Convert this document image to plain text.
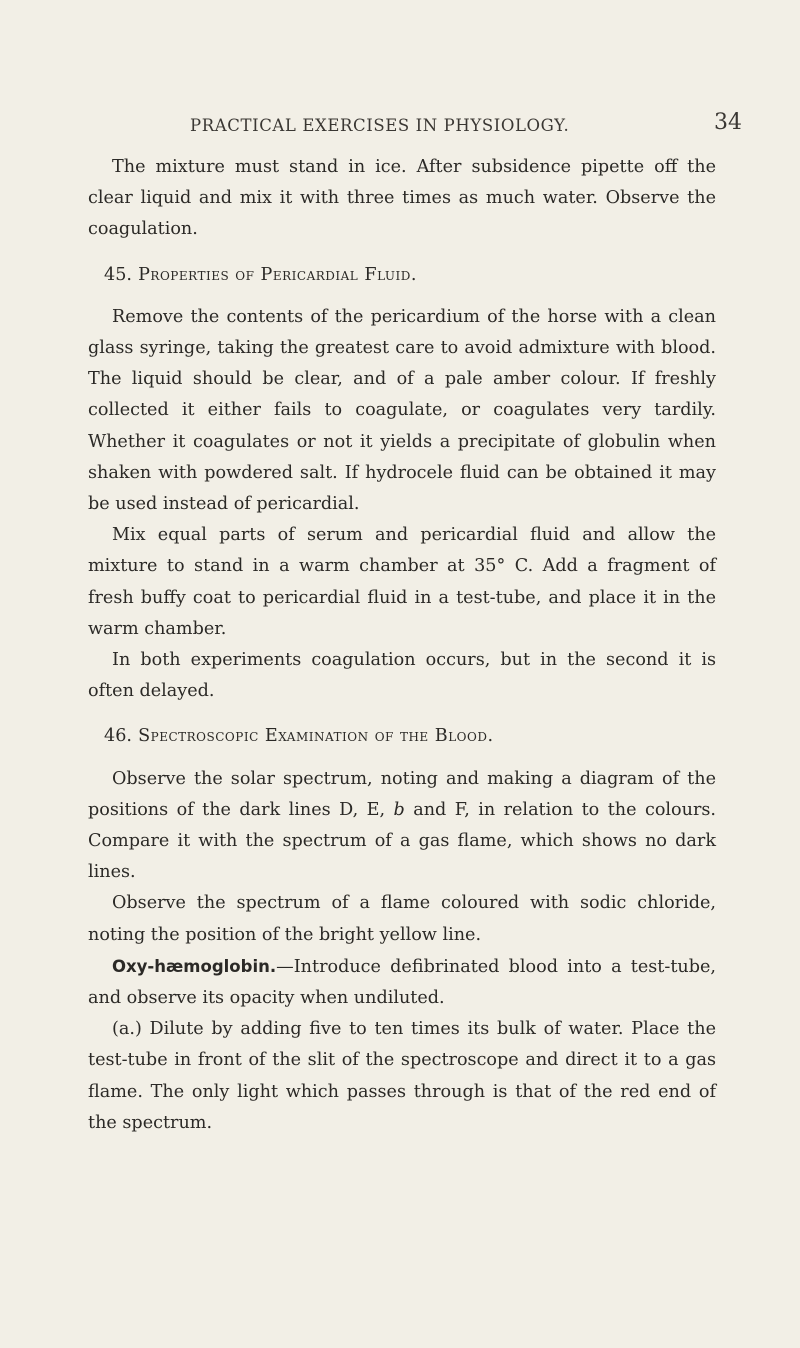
PRACTICAL EXERCISES IN PHYSIOLOGY.	34

The mixture must stand in ice. After subsidence pipette off the clear liquid and mix it with three times as much water. Observe the coagulation.

45. Properties of Pericardial Fluid.

Remove the contents of the pericardium of the horse with a clean glass syringe, taking the greatest care to avoid admixture with blood. The liquid should be clear, and of a pale amber colour. If freshly collected it either fails to coagulate, or coagulates very tardily. Whether it coagulates or not it yields a precipitate of globulin when shaken with powdered salt. If hydrocele fluid can be obtained it may be used instead of pericardial.

Mix equal parts of serum and pericardial fluid and allow the mixture to stand in a warm chamber at 35° C. Add a fragment of fresh buffy coat to pericardial fluid in a test-tube, and place it in the warm chamber.

In both experiments coagulation occurs, but in the second it is often delayed.

46. Spectroscopic Examination of the Blood.

Observe the solar spectrum, noting and making a diagram of the positions of the dark lines D, E, b and F, in relation to the colours. Compare it with the spectrum of a gas flame, which shows no dark lines.

Observe the spectrum of a flame coloured with sodic chloride, noting the position of the bright yellow line.

Oxy-hæmoglobin.—Introduce defibrinated blood into a test-tube, and observe its opacity when undiluted.

(a.) Dilute by adding five to ten times its bulk of water. Place the test-tube in front of the slit of the spectroscope and direct it to a gas flame. The only light which passes through is that of the red end of the spectrum.
